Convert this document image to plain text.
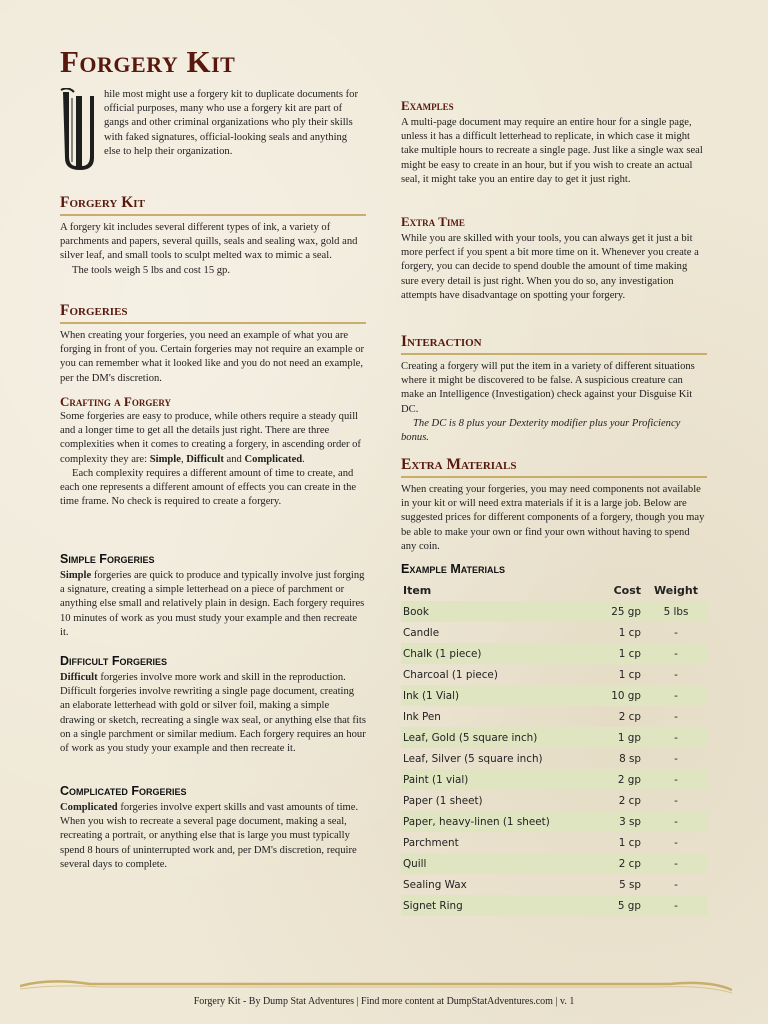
Forgery Kit

hile most might use a forgery kit to duplicate documents for official purposes, many who use a forgery kit are part of gangs and other criminal organizations who ply their skills with faked signatures, official-looking seals and anything else to help their organization.

Forgery Kit

A forgery kit includes several different types of ink, a variety of parchments and papers, several quills, seals and sealing wax, gold and silver leaf, and small tools to sculpt melted wax to mimic a seal.

The tools weigh 5 lbs and cost 15 gp.

Forgeries

When creating your forgeries, you need an example of what you are forging in front of you. Certain forgeries may not require an example or you can remember what it looked like and you do not need an example, per the DM's discretion.

Crafting a Forgery

Some forgeries are easy to produce, while others require a steady quill and a longer time to get all the details just right. There are three complexities when it comes to creating a forgery, in ascending order of complexity they are: Simple, Difficult and Complicated.

Each complexity requires a different amount of time to create, and each one represents a different amount of effects you can create in the time frame. No check is required to create a forgery.

Simple Forgeries

Simple forgeries are quick to produce and typically involve just forging a signature, creating a simple letterhead on a piece of parchment or anything else small and relatively plain in design. Each forgery requires 10 minutes of work as you must study your example and then recreate it.

Difficult Forgeries

Difficult forgeries involve more work and skill in the reproduction. Difficult forgeries involve rewriting a single page document, creating an elaborate letterhead with gold or silver foil, making a simple drawing or sketch, recreating a single wax seal, or anything else that fits on a single parchment or similar medium. Each forgery requires an hour of work as you study your example and then recreate it.

Complicated Forgeries

Complicated forgeries involve expert skills and vast amounts of time. When you wish to recreate a several page document, making a seal, recreating a portrait, or anything else that is large you must typically spend 8 hours of uninterrupted work and, per DM's discretion, require several days to complete.

Examples

A multi-page document may require an entire hour for a single page, unless it has a difficult letterhead to replicate, in which case it might take multiple hours to recreate a single page. Just like a single wax seal might be easy to create in an hour, but if you wish to create an actual seal, it might take you an entire day to get it just right.

Extra Time

While you are skilled with your tools, you can always get it just a bit more perfect if you spent a bit more time on it. Whenever you create a forgery, you can decide to spend double the amount of time making sure every detail is just right. When you do so, any investigation attempts have disadvantage on spotting your forgery.

Interaction

Creating a forgery will put the item in a variety of different situations where it might be discovered to be false. A suspicious creature can make an Intelligence (Investigation) check against your Disguise Kit DC.

The DC is 8 plus your Dexterity modifier plus your Proficiency bonus.

Extra Materials

When creating your forgeries, you may need components not available in your kit or will need extra materials if it is a large job. Below are suggested prices for different components of a forgery, though you may be able to make your own or find your own without having to spend any coin.

Example Materials
Item	Cost	Weight
Book	25 gp	5 lbs
Candle	1 cp	-
Chalk (1 piece)	1 cp	-
Charcoal (1 piece)	1 cp	-
Ink (1 Vial)	10 gp	-
Ink Pen	2 cp	-
Leaf, Gold (5 square inch)	1 gp	-
Leaf, Silver (5 square inch)	8 sp	-
Paint (1 vial)	2 gp	-
Paper (1 sheet)	2 cp	-
Paper, heavy-linen (1 sheet)	3 sp	-
Parchment	1 cp	-
Quill	2 cp	-
Sealing Wax	5 sp	-
Signet Ring	5 gp	-
Forgery Kit - By Dump Stat Adventures | Find more content at DumpStatAdventures.com | v. 1
